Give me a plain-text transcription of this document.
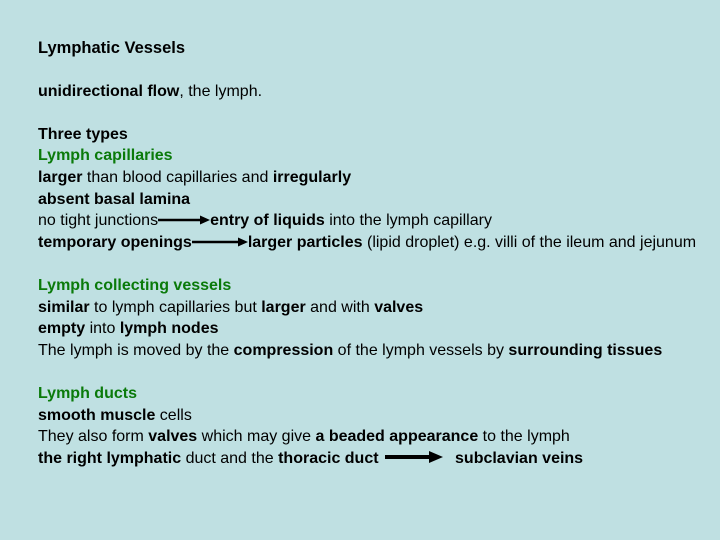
Lymphatic Vessels
unidirectional flow, the lymph.
Three types
Lymph capillaries
larger than blood capillaries and irregularly
absent basal lamina
no tight junctions	entry of liquids into the lymph capillary
temporary openings	larger particles (lipid droplet) e.g. villi of the ileum and jejunum
Lymph collecting vessels
similar to lymph capillaries but larger and with valves
empty into lymph nodes
The lymph is moved by the compression of the lymph vessels by surrounding tissues
Lymph ducts
smooth muscle cells
They also form valves which may give a beaded appearance to the lymph
the right lymphatic duct and the thoracic duct	subclavian veins
